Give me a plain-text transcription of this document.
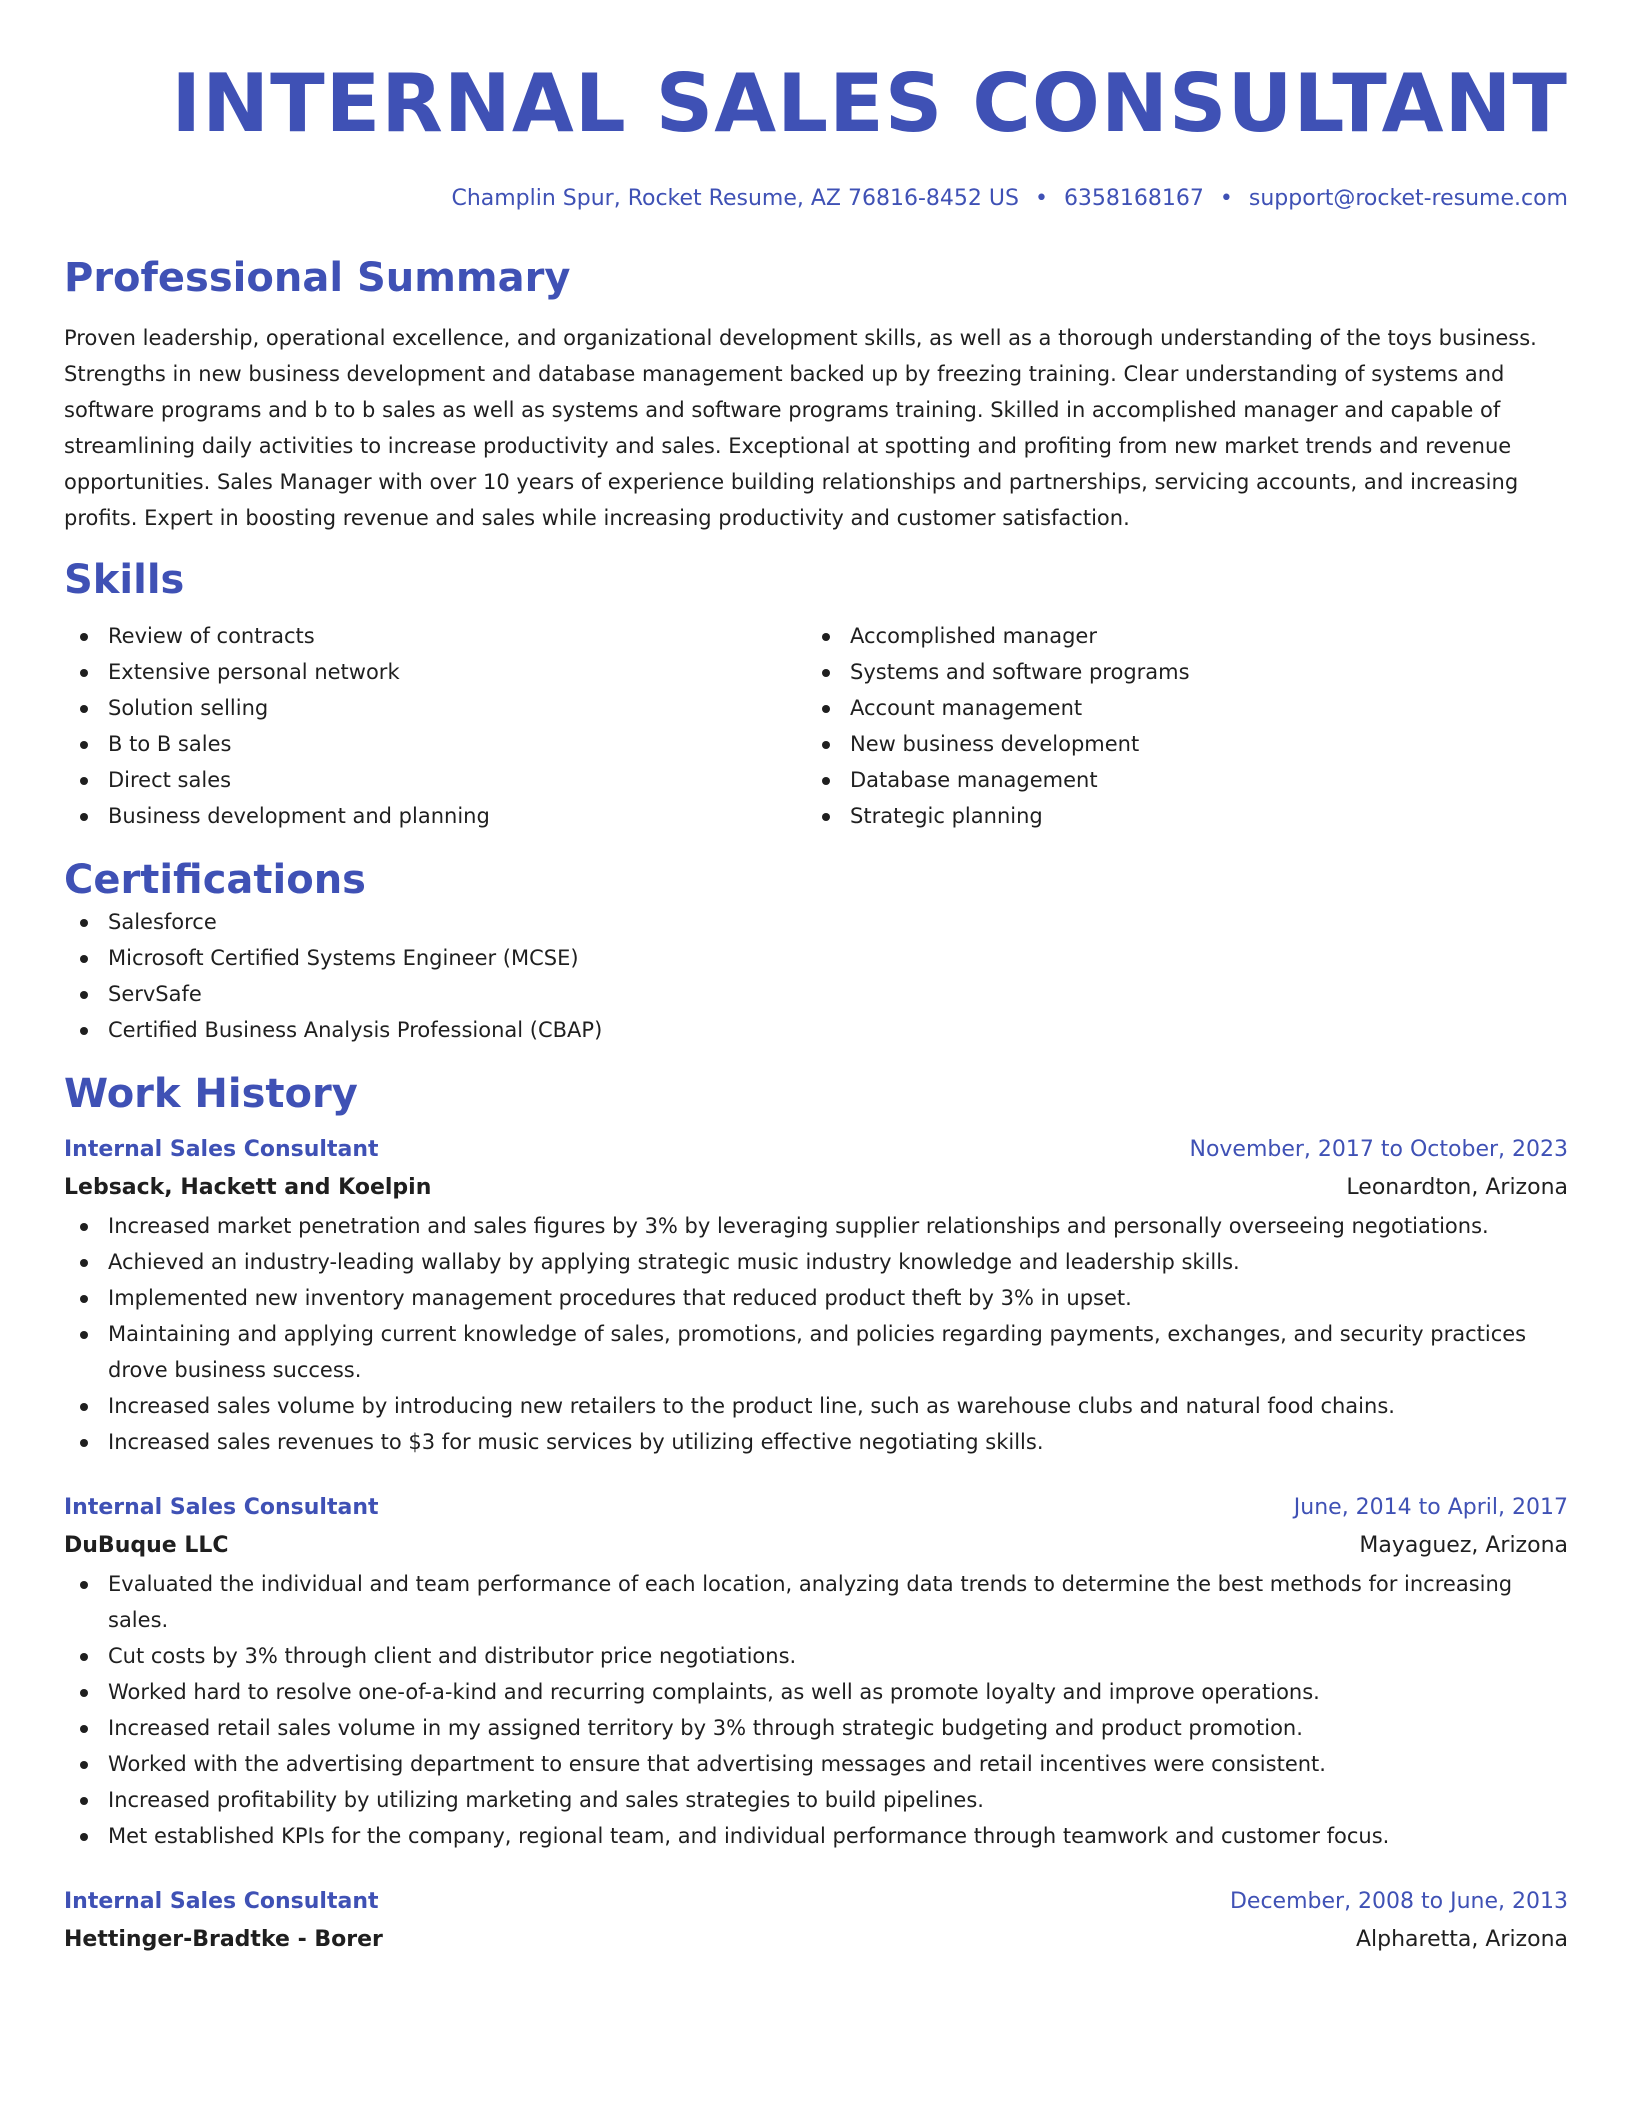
INTERNAL SALES CONSULTANT
Champlin Spur, Rocket Resume, AZ 76816-8452 US • 6358168167 • support@rocket-resume.com
Professional Summary

Proven leadership, operational excellence, and organizational development skills, as well as a thorough understanding of the toys business. Strengths in new business development and database management backed up by freezing training. Clear understanding of systems and software programs and b to b sales as well as systems and software programs training. Skilled in accomplished manager and capable of streamlining daily activities to increase productivity and sales. Exceptional at spotting and profiting from new market trends and revenue opportunities. Sales Manager with over 10 years of experience building relationships and partnerships, servicing accounts, and increasing profits. Expert in boosting revenue and sales while increasing productivity and customer satisfaction.

Skills
Review of contracts
Extensive personal network
Solution selling
B to B sales
Direct sales
Business development and planning
Accomplished manager
Systems and software programs
Account management
New business development
Database management
Strategic planning
Certifications
Salesforce
Microsoft Certified Systems Engineer (MCSE)
ServSafe
Certified Business Analysis Professional (CBAP)
Work History
Internal Sales Consultant	November, 2017 to October, 2023
Lebsack, Hackett and Koelpin	Leonardton, Arizona
Increased market penetration and sales figures by 3% by leveraging supplier relationships and personally overseeing negotiations.
Achieved an industry-leading wallaby by applying strategic music industry knowledge and leadership skills.
Implemented new inventory management procedures that reduced product theft by 3% in upset.
Maintaining and applying current knowledge of sales, promotions, and policies regarding payments, exchanges, and security practices drove business success.
Increased sales volume by introducing new retailers to the product line, such as warehouse clubs and natural food chains.
Increased sales revenues to $3 for music services by utilizing effective negotiating skills.
Internal Sales Consultant	June, 2014 to April, 2017
DuBuque LLC	Mayaguez, Arizona
Evaluated the individual and team performance of each location, analyzing data trends to determine the best methods for increasing sales.
Cut costs by 3% through client and distributor price negotiations.
Worked hard to resolve one-of-a-kind and recurring complaints, as well as promote loyalty and improve operations.
Increased retail sales volume in my assigned territory by 3% through strategic budgeting and product promotion.
Worked with the advertising department to ensure that advertising messages and retail incentives were consistent.
Increased profitability by utilizing marketing and sales strategies to build pipelines.
Met established KPIs for the company, regional team, and individual performance through teamwork and customer focus.
Internal Sales Consultant	December, 2008 to June, 2013
Hettinger-Bradtke - Borer	Alpharetta, Arizona
